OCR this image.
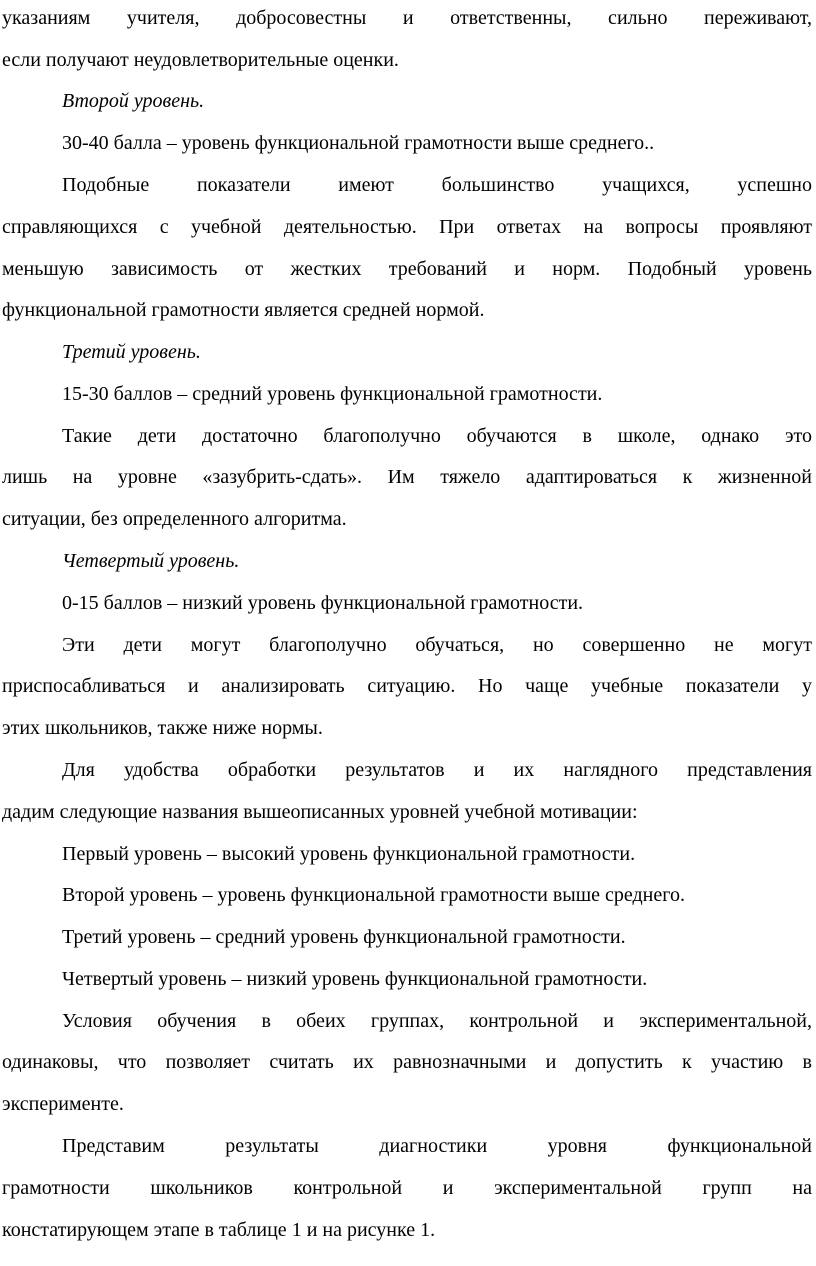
указаниям учителя, добросовестны и ответственны, сильно переживают,
если получают неудовлетворительные оценки.
Второй уровень.
30-40 балла – уровень функциональной грамотности выше среднего..
Подобные показатели имеют большинство учащихся, успешно
справляющихся с учебной деятельностью. При ответах на вопросы проявляют
меньшую зависимость от жестких требований и норм. Подобный уровень
функциональной грамотности является средней нормой.
Третий уровень.
15-30 баллов – средний уровень функциональной грамотности.
Такие дети достаточно благополучно обучаются в школе, однако это
лишь на уровне «зазубрить-сдать». Им тяжело адаптироваться к жизненной
ситуации, без определенного алгоритма.
Четвертый уровень.
0-15 баллов – низкий уровень функциональной грамотности.
Эти дети могут благополучно обучаться, но совершенно не могут
приспосабливаться и анализировать ситуацию. Но чаще учебные показатели у
этих школьников, также ниже нормы.
Для удобства обработки результатов и их наглядного представления
дадим следующие названия вышеописанных уровней учебной мотивации:
Первый уровень – высокий уровень функциональной грамотности.
Второй уровень – уровень функциональной грамотности выше среднего.
Третий уровень – средний уровень функциональной грамотности.
Четвертый уровень – низкий уровень функциональной грамотности.
Условия обучения в обеих группах, контрольной и экспериментальной,
одинаковы, что позволяет считать их равнозначными и допустить к участию в
эксперименте.
Представим результаты диагностики уровня функциональной
грамотности школьников контрольной и экспериментальной групп на
констатирующем этапе в таблице 1 и на рисунке 1.
